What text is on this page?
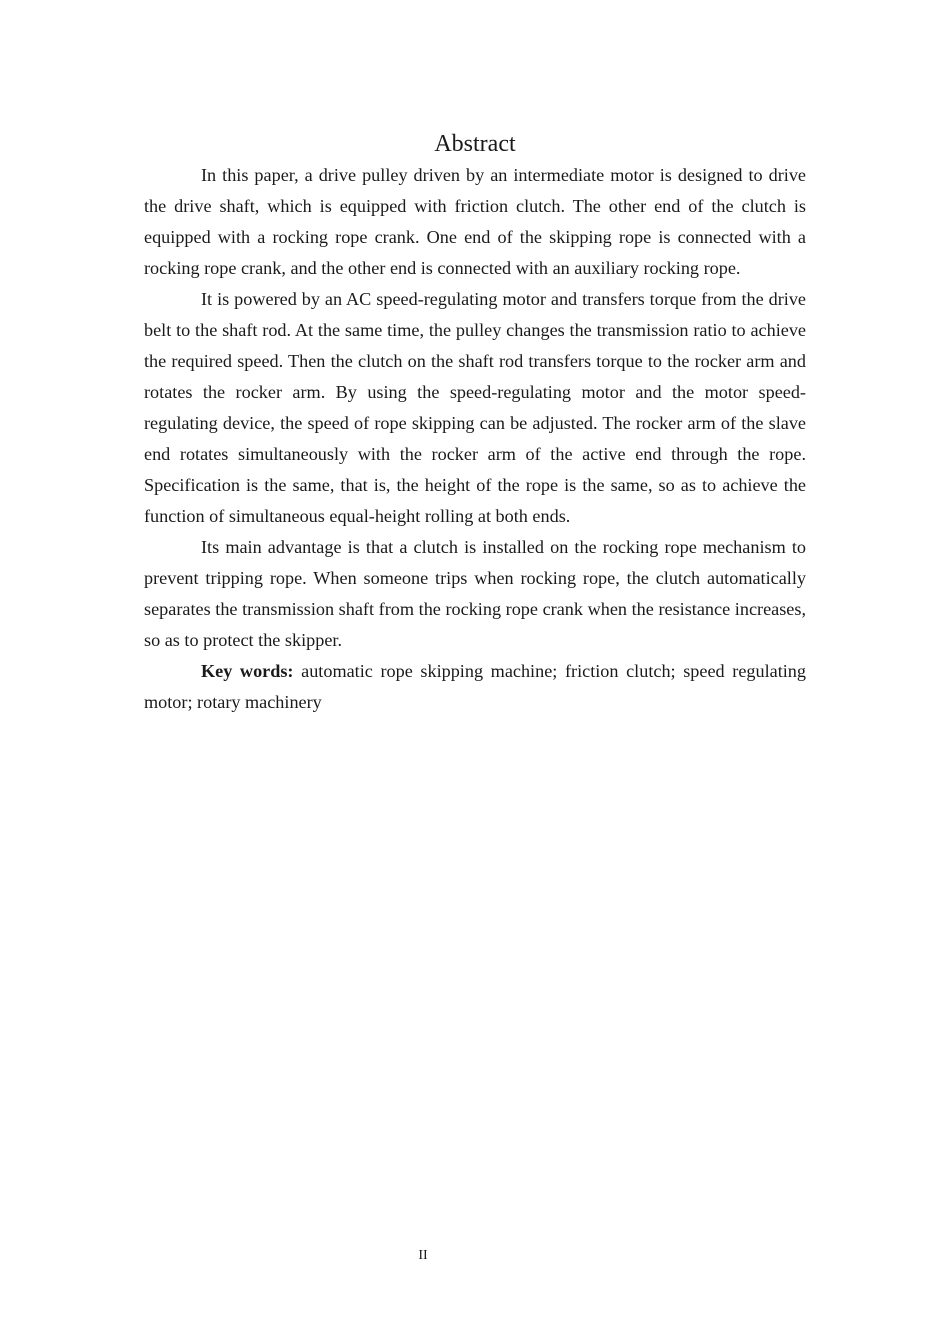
Abstract

In this paper, a drive pulley driven by an intermediate motor is designed to drive the drive shaft, which is equipped with friction clutch. The other end of the clutch is equipped with a rocking rope crank. One end of the skipping rope is connected with a rocking rope crank, and the other end is connected with an auxiliary rocking rope.

It is powered by an AC speed-regulating motor and transfers torque from the drive belt to the shaft rod. At the same time, the pulley changes the transmission ratio to achieve the required speed. Then the clutch on the shaft rod transfers torque to the rocker arm and rotates the rocker arm. By using the speed-regulating motor and the motor speed-regulating device, the speed of rope skipping can be adjusted. The rocker arm of the slave end rotates simultaneously with the rocker arm of the active end through the rope. Specification is the same, that is, the height of the rope is the same, so as to achieve the function of simultaneous equal-height rolling at both ends.

Its main advantage is that a clutch is installed on the rocking rope mechanism to prevent tripping rope. When someone trips when rocking rope, the clutch automatically separates the transmission shaft from the rocking rope crank when the resistance increases, so as to protect the skipper.

Key words: automatic rope skipping machine; friction clutch; speed regulating motor; rotary machinery

II
